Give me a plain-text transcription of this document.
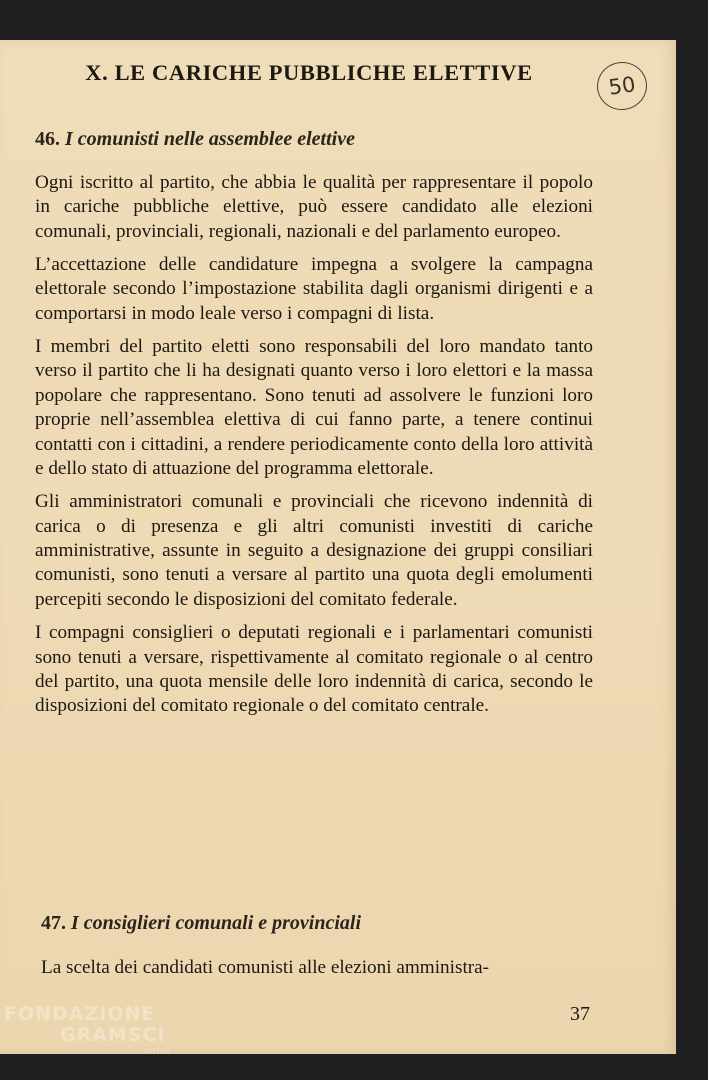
X. LE CARICHE PUBBLICHE ELETTIVE	50
46. I comunisti nelle assemblee elettive

Ogni iscritto al partito, che abbia le qualità per rappresentare il popolo in cariche pubbliche elettive, può essere candidato alle elezioni comunali, provinciali, regionali, nazionali e del parlamento europeo.

L’accettazione delle candidature impegna a svolgere la campagna elettorale secondo l’impostazione stabilita dagli organismi dirigenti e a comportarsi in modo leale verso i compagni di lista.

I membri del partito eletti sono responsabili del loro mandato tanto verso il partito che li ha designati quanto verso i loro elettori e la massa popolare che rappresentano. Sono tenuti ad assolvere le funzioni loro proprie nell’assemblea elettiva di cui fanno parte, a tenere continui contatti con i cittadini, a rendere periodicamente conto della loro attività e dello stato di attuazione del programma elettorale.

Gli amministratori comunali e provinciali che ricevono indennità di carica o di presenza e gli altri comunisti investiti di cariche amministrative, assunte in seguito a designazione dei gruppi consiliari comunisti, sono tenuti a versare al partito una quota degli emolumenti percepiti secondo le disposizioni del comitato federale.

I compagni consiglieri o deputati regionali e i parlamentari comunisti sono tenuti a versare, rispettivamente al comitato regionale o al centro del partito, una quota mensile delle loro indennità di carica, secondo le disposizioni del comitato regionale o del comitato centrale.

47. I consiglieri comunali e provinciali

La scelta dei candidati comunisti alle elezioni amministra-

37
FONDAZIONE
GRAMSCI
onlus
